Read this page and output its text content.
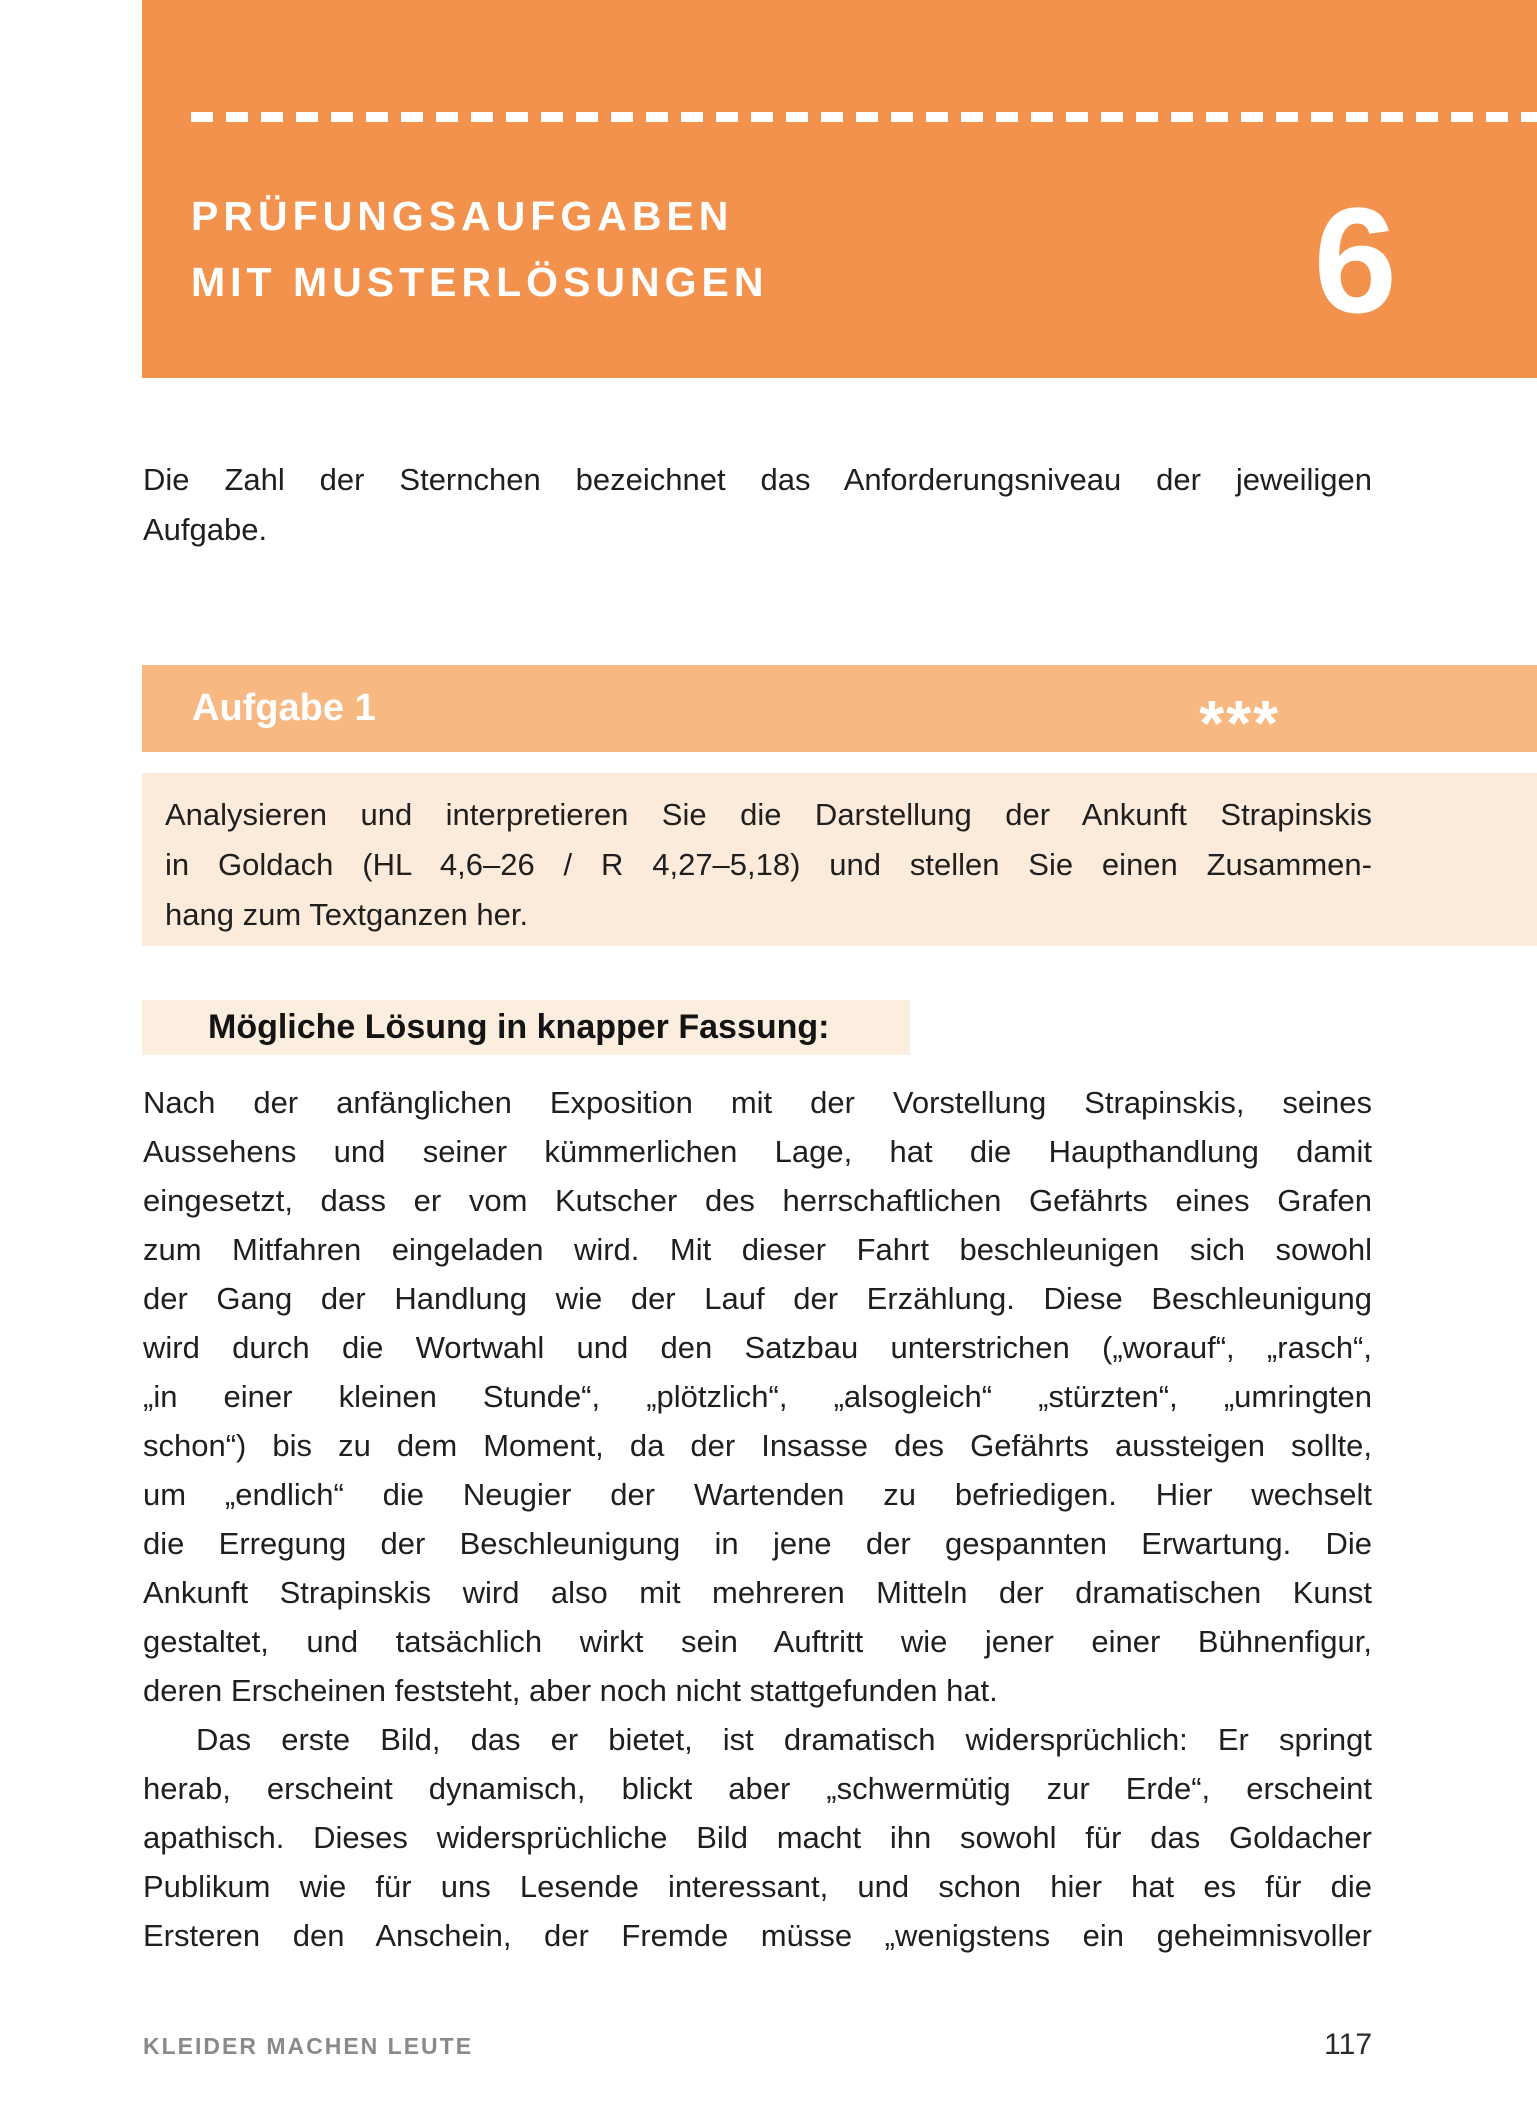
PRÜFUNGSAUFGABEN
MIT MUSTERLÖSUNGEN	6
Die Zahl der Sternchen bezeichnet das Anforderungsniveau der jeweiligen
Aufgabe.
Aufgabe 1	***
Analysieren und interpretieren Sie die Darstellung der Ankunft Strapinskis
in Goldach (HL 4,6–26 / R 4,27–5,18) und stellen Sie einen Zusammen-
hang zum Textganzen her.
Mögliche Lösung in knapper Fassung:
Nach der anfänglichen Exposition mit der Vorstellung Strapinskis, seines
Aussehens und seiner kümmerlichen Lage, hat die Haupthandlung damit
eingesetzt, dass er vom Kutscher des herrschaftlichen Gefährts eines Grafen
zum Mitfahren eingeladen wird. Mit dieser Fahrt beschleunigen sich sowohl
der Gang der Handlung wie der Lauf der Erzählung. Diese Beschleunigung
wird durch die Wortwahl und den Satzbau unterstrichen („worauf“, „rasch“,
„in einer kleinen Stunde“, „plötzlich“, „alsogleich“ „stürzten“, „umringten
schon“) bis zu dem Moment, da der Insasse des Gefährts aussteigen sollte,
um „endlich“ die Neugier der Wartenden zu befriedigen. Hier wechselt
die Erregung der Beschleunigung in jene der gespannten Erwartung. Die
Ankunft Strapinskis wird also mit mehreren Mitteln der dramatischen Kunst
gestaltet, und tatsächlich wirkt sein Auftritt wie jener einer Bühnenfigur,
deren Erscheinen feststeht, aber noch nicht stattgefunden hat.
Das erste Bild, das er bietet, ist dramatisch widersprüchlich: Er springt
herab, erscheint dynamisch, blickt aber „schwermütig zur Erde“, erscheint
apathisch. Dieses widersprüchliche Bild macht ihn sowohl für das Goldacher
Publikum wie für uns Lesende interessant, und schon hier hat es für die
Ersteren den Anschein, der Fremde müsse „wenigstens ein geheimnisvoller
KLEIDER MACHEN LEUTE	117
